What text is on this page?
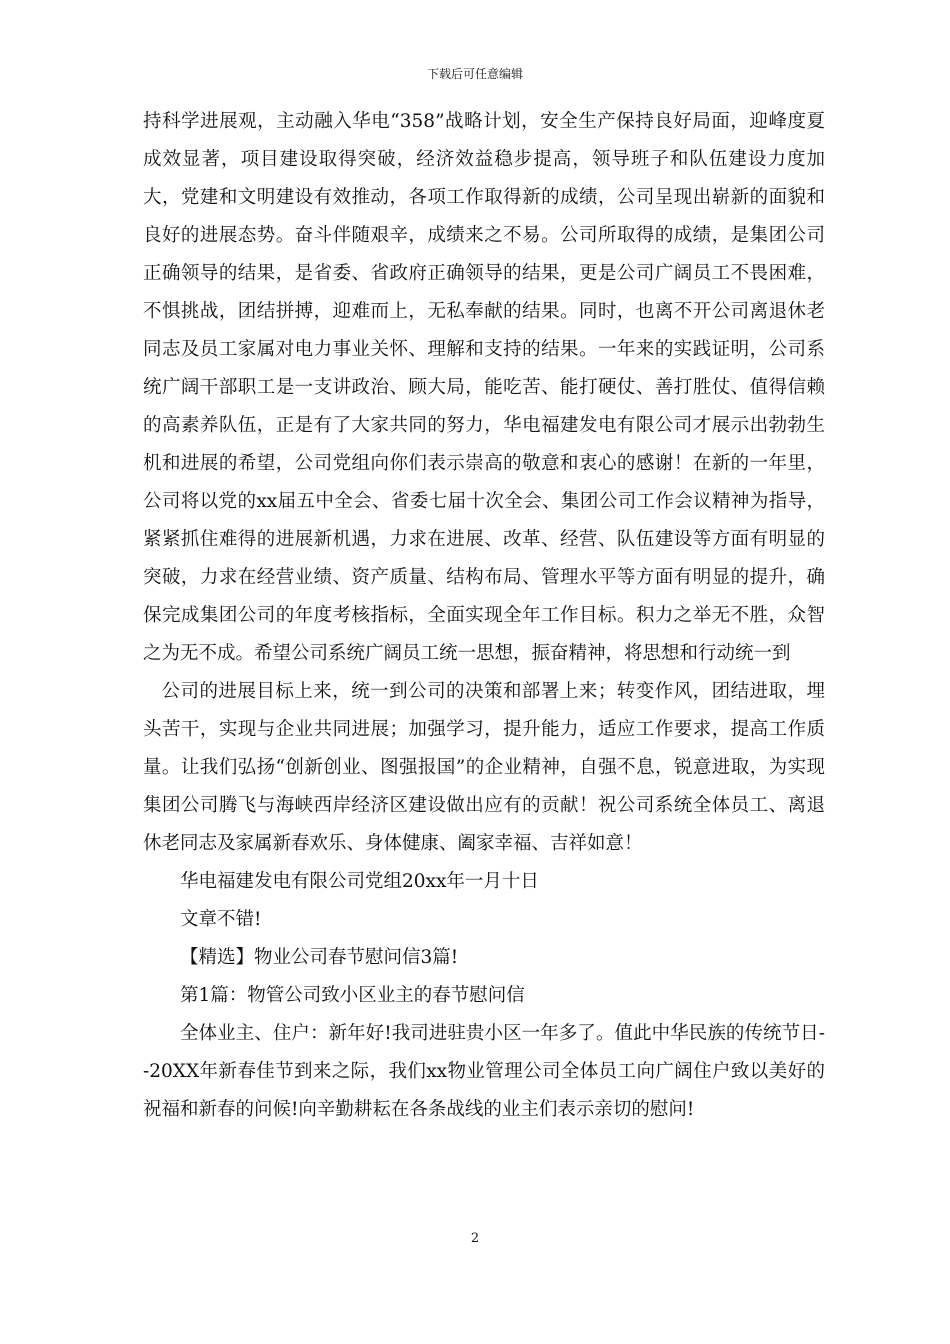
下载后可任意编辑

持科学进展观，主动融入华电“358”战略计划，安全生产保持良好局面，迎峰度夏成效显著，项目建设取得突破，经济效益稳步提高，领导班子和队伍建设力度加大，党建和文明建设有效推动，各项工作取得新的成绩，公司呈现出崭新的面貌和良好的进展态势。奋斗伴随艰辛，成绩来之不易。公司所取得的成绩，是集团公司正确领导的结果，是省委、省政府正确领导的结果，更是公司广阔员工不畏困难，不惧挑战，团结拼搏，迎难而上，无私奉献的结果。同时，也离不开公司离退休老同志及员工家属对电力事业关怀、理解和支持的结果。一年来的实践证明，公司系统广阔干部职工是一支讲政治、顾大局，能吃苦、能打硬仗、善打胜仗、值得信赖的高素养队伍，正是有了大家共同的努力，华电福建发电有限公司才展示出勃勃生机和进展的希望，公司党组向你们表示崇高的敬意和衷心的感谢！在新的一年里，公司将以党的xx届五中全会、省委七届十次全会、集团公司工作会议精神为指导，紧紧抓住难得的进展新机遇，力求在进展、改革、经营、队伍建设等方面有明显的突破，力求在经营业绩、资产质量、结构布局、管理水平等方面有明显的提升，确保完成集团公司的年度考核指标，全面实现全年工作目标。积力之举无不胜，众智之为无不成。希望公司系统广阔员工统一思想，振奋精神，将思想和行动统一到

公司的进展目标上来，统一到公司的决策和部署上来；转变作风，团结进取，埋头苦干，实现与企业共同进展；加强学习，提升能力，适应工作要求，提高工作质量。让我们弘扬“创新创业、图强报国”的企业精神，自强不息，锐意进取，为实现集团公司腾飞与海峡西岸经济区建设做出应有的贡献！祝公司系统全体员工、离退休老同志及家属新春欢乐、身体健康、阖家幸福、吉祥如意！

华电福建发电有限公司党组20xx年一月十日

文章不错!

【精选】物业公司春节慰问信3篇!

第1篇：物管公司致小区业主的春节慰问信

全体业主、住户：新年好!我司进驻贵小区一年多了。值此中华民族的传统节日--20XX年新春佳节到来之际，我们xx物业管理公司全体员工向广阔住户致以美好的祝福和新春的问候!向辛勤耕耘在各条战线的业主们表示亲切的慰问!

2
